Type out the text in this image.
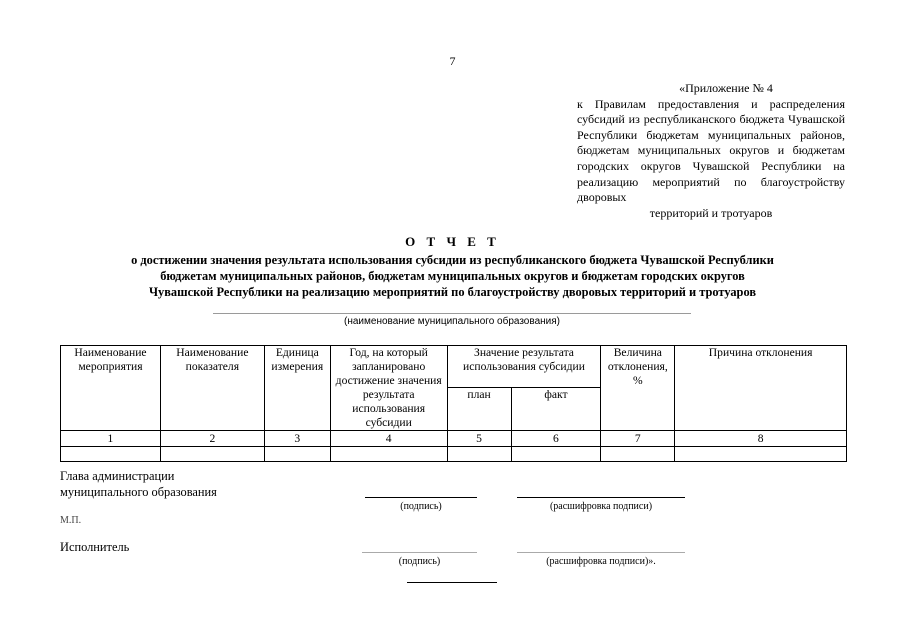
7
«Приложение № 4
к Правилам предоставления и распределения субсидий из республиканского бюджета Чувашской Республики бюджетам муниципальных районов, бюджетам муниципальных округов и бюджетам городских округов Чувашской Республики на реализацию мероприятий по благоустройству дворовых
территорий и тротуаров
О Т Ч Е Т
о достижении значения результата использования субсидии из республиканского бюджета Чувашской Республики
бюджетам муниципальных районов, бюджетам муниципальных округов и бюджетам городских округов
Чувашской Республики на реализацию мероприятий по благоустройству дворовых территорий и тротуаров
(наименование муниципального образования)
Наименование мероприятия	Наименование показателя	Единица измерения	Год, на который запланировано достижение значения результата использования субсидии	Значение результата использования субсидии		Величина отклонения, %	Причина отклонения
				план	факт		
1	2	3	4	5	6	7	8

Глава администрации
муниципального образования
(подпись)	(расшифровка подписи)
М.П.
Исполнитель
(подпись)	(расшифровка подписи)».
